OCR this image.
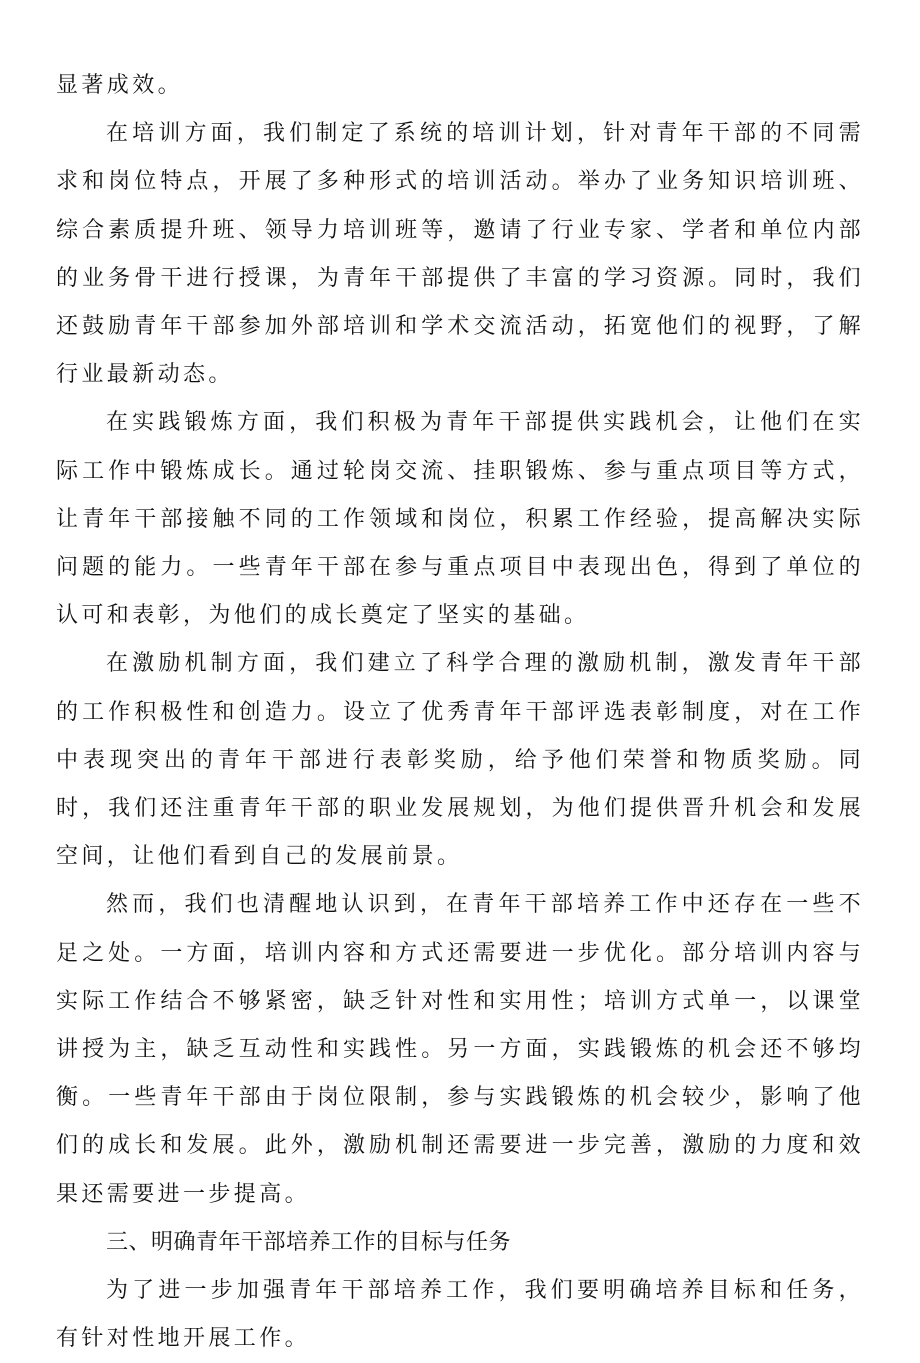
显著成效。

在培训方面，我们制定了系统的培训计划，针对青年干部的不同需求和岗位特点，开展了多种形式的培训活动。举办了业务知识培训班、综合素质提升班、领导力培训班等，邀请了行业专家、学者和单位内部的业务骨干进行授课，为青年干部提供了丰富的学习资源。同时，我们还鼓励青年干部参加外部培训和学术交流活动，拓宽他们的视野，了解行业最新动态。

在实践锻炼方面，我们积极为青年干部提供实践机会，让他们在实际工作中锻炼成长。通过轮岗交流、挂职锻炼、参与重点项目等方式，让青年干部接触不同的工作领域和岗位，积累工作经验，提高解决实际问题的能力。一些青年干部在参与重点项目中表现出色，得到了单位的认可和表彰，为他们的成长奠定了坚实的基础。

在激励机制方面，我们建立了科学合理的激励机制，激发青年干部的工作积极性和创造力。设立了优秀青年干部评选表彰制度，对在工作中表现突出的青年干部进行表彰奖励，给予他们荣誉和物质奖励。同时，我们还注重青年干部的职业发展规划，为他们提供晋升机会和发展空间，让他们看到自己的发展前景。

然而，我们也清醒地认识到，在青年干部培养工作中还存在一些不足之处。一方面，培训内容和方式还需要进一步优化。部分培训内容与实际工作结合不够紧密，缺乏针对性和实用性；培训方式单一，以课堂讲授为主，缺乏互动性和实践性。另一方面，实践锻炼的机会还不够均衡。一些青年干部由于岗位限制，参与实践锻炼的机会较少，影响了他们的成长和发展。此外，激励机制还需要进一步完善，激励的力度和效果还需要进一步提高。

三、明确青年干部培养工作的目标与任务

为了进一步加强青年干部培养工作，我们要明确培养目标和任务，有针对性地开展工作。
